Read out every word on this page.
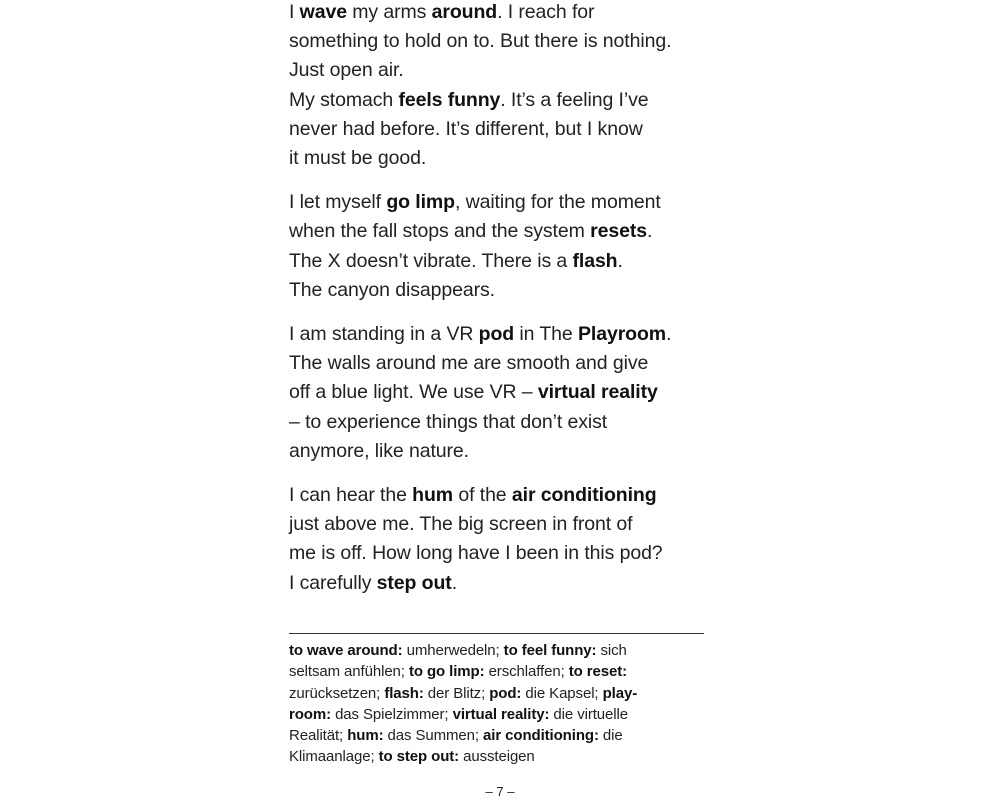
I wave my arms around. I reach for
something to hold on to. But there is nothing.
Just open air.
My stomach feels funny. It’s a feeling I’ve
never had before. It’s different, but I know
it must be good.

I let myself go limp, waiting for the moment
when the fall stops and the system resets.
The X doesn’t vibrate. There is a flash.
The canyon disappears.

I am standing in a VR pod in The Playroom.
The walls around me are smooth and give
off a blue light. We use VR – virtual reality
– to experience things that don’t exist
anymore, like nature.

I can hear the hum of the air conditioning
just above me. The big screen in front of
me is off. How long have I been in this pod?
I carefully step out.

to wave around: umherwedeln; to feel funny: sich
seltsam anfühlen; to go limp: erschlaffen; to reset:
zurücksetzen; flash: der Blitz; pod: die Kapsel; play-
room: das Spielzimmer; virtual reality: die virtuelle
Realität; hum: das Summen; air conditioning: die
Klimaanlage; to step out: aussteigen
– 7 –
